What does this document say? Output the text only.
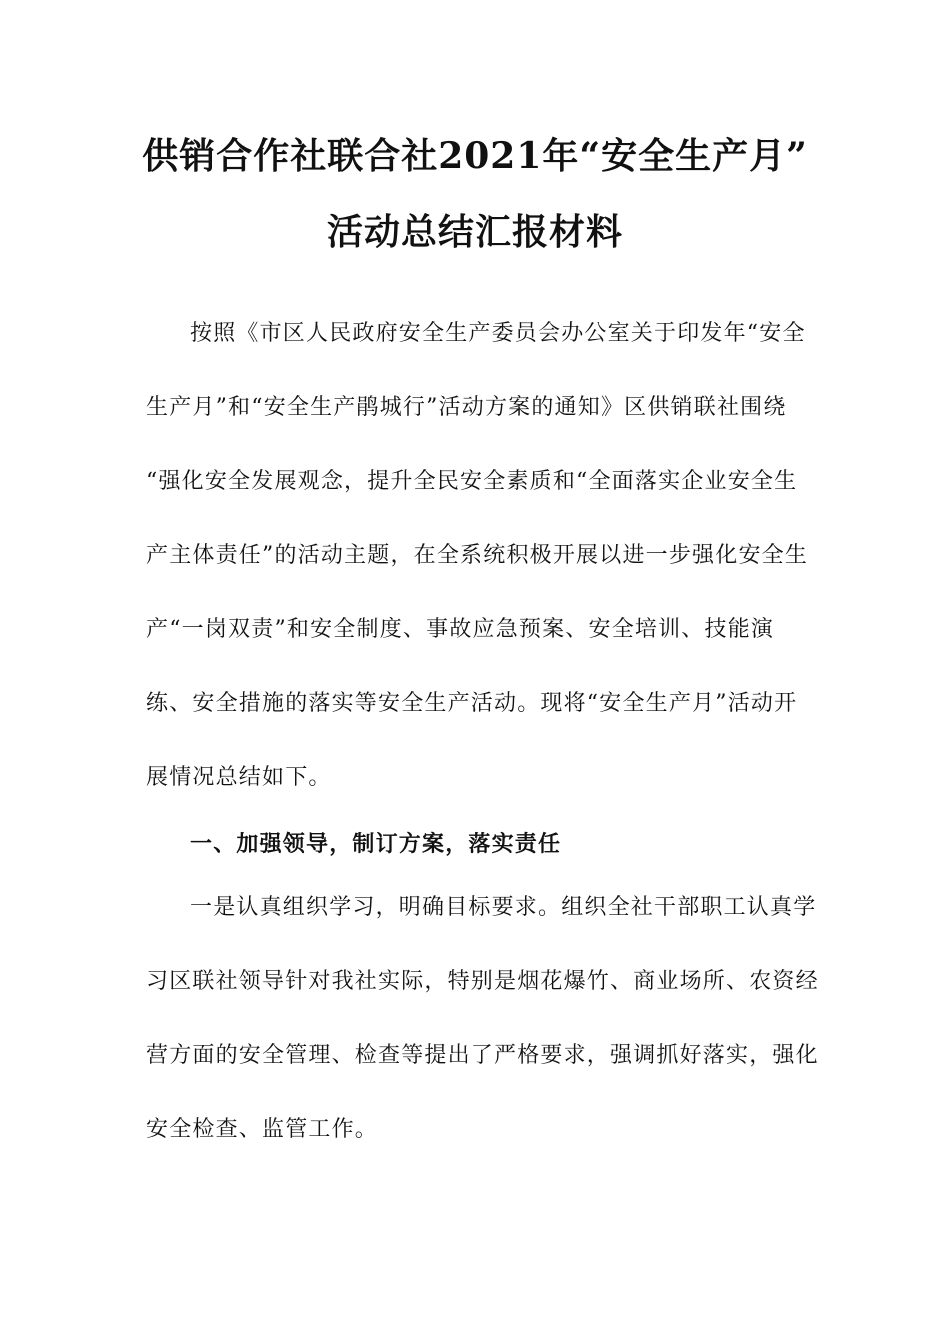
供销合作社联合社2021年“安全生产月”
活动总结汇报材料
按照《市区人民政府安全生产委员会办公室关于印发年“安全
生产月”和“安全生产鹃城行”活动方案的通知》区供销联社围绕
“强化安全发展观念，提升全民安全素质和“全面落实企业安全生
产主体责任”的活动主题，在全系统积极开展以进一步强化安全生
产“一岗双责”和安全制度、事故应急预案、安全培训、技能演
练、安全措施的落实等安全生产活动。现将“安全生产月”活动开
展情况总结如下。
一、加强领导，制订方案，落实责任
一是认真组织学习，明确目标要求。组织全社干部职工认真学
习区联社领导针对我社实际，特别是烟花爆竹、商业场所、农资经
营方面的安全管理、检查等提出了严格要求，强调抓好落实，强化
安全检查、监管工作。
